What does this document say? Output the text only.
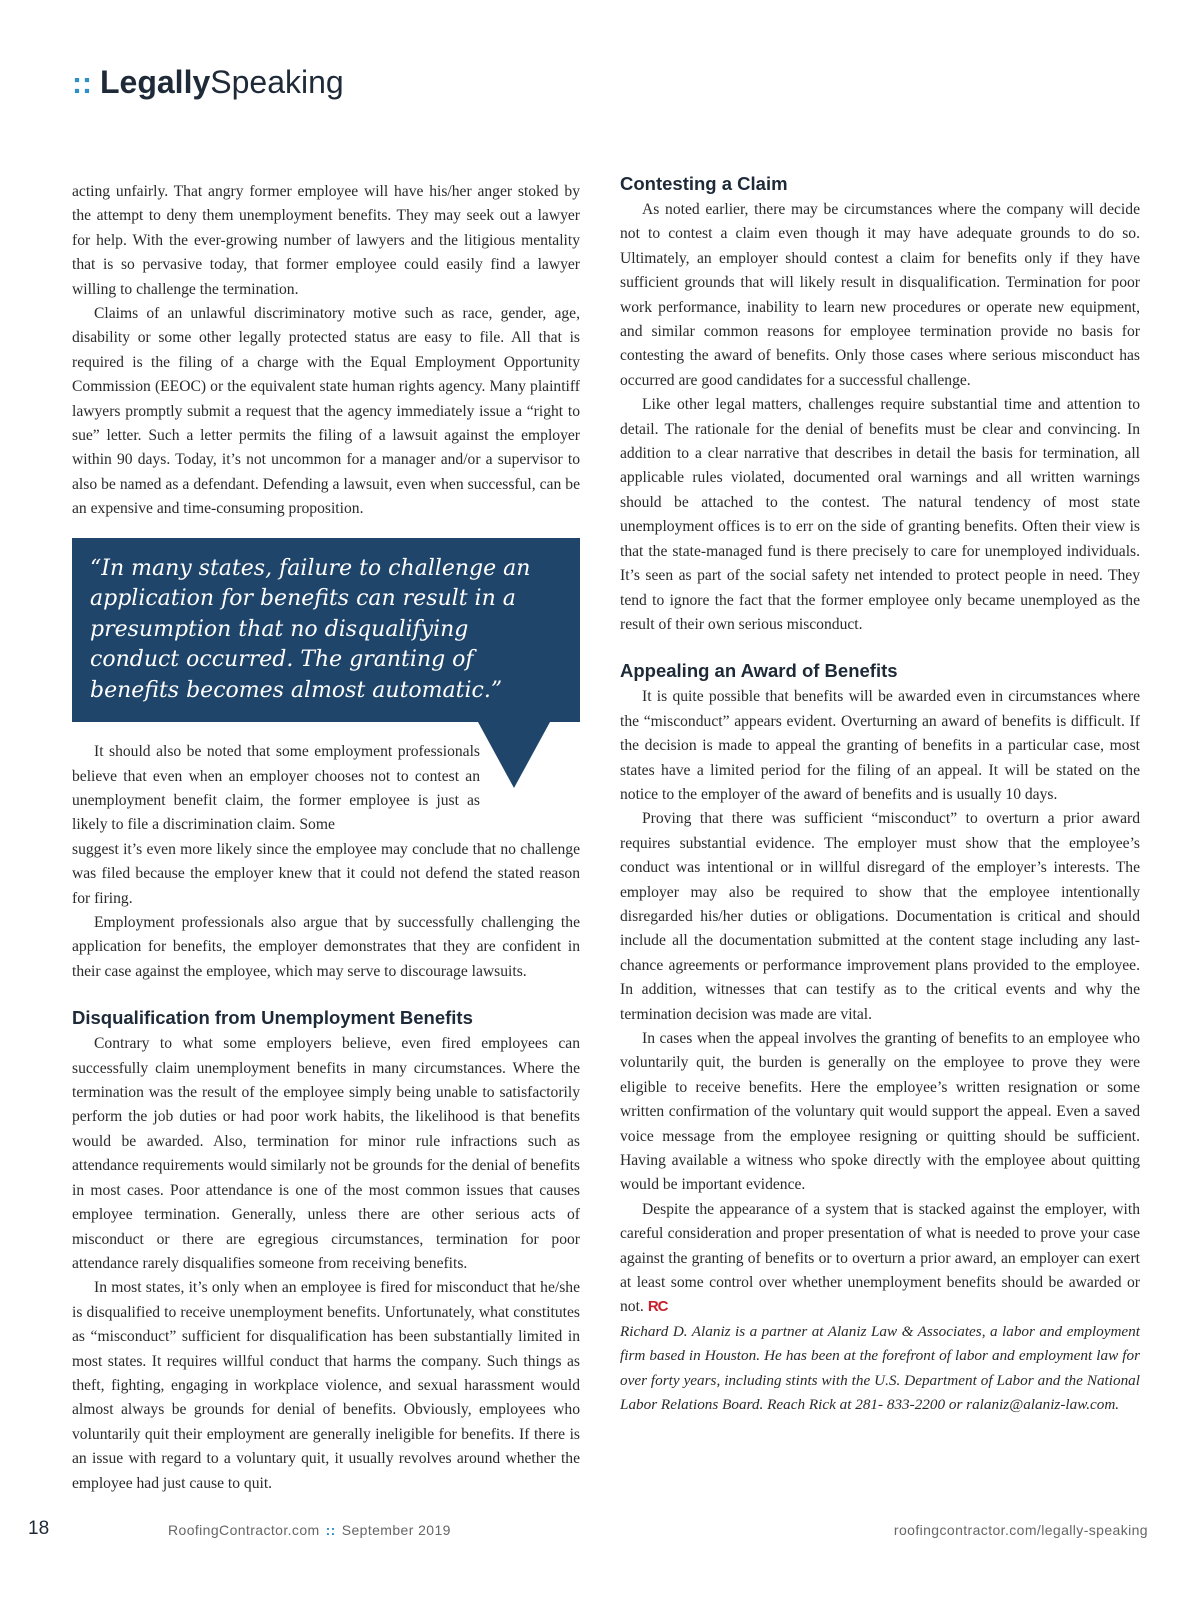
:: Legally Speaking

acting unfairly. That angry former employee will have his/her anger stoked by the attempt to deny them unemployment benefits. They may seek out a lawyer for help. With the ever-growing number of lawyers and the litigious mentality that is so pervasive today, that former employee could easily find a lawyer willing to challenge the termination.

Claims of an unlawful discriminatory motive such as race, gender, age, disability or some other legally protected status are easy to file. All that is required is the filing of a charge with the Equal Employment Opportunity Commission (EEOC) or the equivalent state human rights agency. Many plaintiff lawyers promptly submit a request that the agency immediately issue a “right to sue” letter. Such a letter permits the filing of a lawsuit against the employer within 90 days. Today, it’s not uncommon for a manager and/or a supervisor to also be named as a defendant. Defending a lawsuit, even when successful, can be an expensive and time-consuming proposition.

“In many states, failure to challenge an application for benefits can result in a presumption that no disqualifying conduct occurred. The granting of benefits becomes almost automatic.”

It should also be noted that some employment professionals believe that even when an employer chooses not to contest an unemployment benefit claim, the former employee is just as likely to file a discrimination claim. Some

suggest it’s even more likely since the employee may conclude that no challenge was filed because the employer knew that it could not defend the stated reason for firing.

Employment professionals also argue that by successfully challenging the application for benefits, the employer demonstrates that they are confident in their case against the employee, which may serve to discourage lawsuits.

Disqualification from Unemployment Benefits

Contrary to what some employers believe, even fired employees can successfully claim unemployment benefits in many circumstances. Where the termination was the result of the employee simply being unable to satisfactorily perform the job duties or had poor work habits, the likelihood is that benefits would be awarded. Also, termination for minor rule infractions such as attendance requirements would similarly not be grounds for the denial of benefits in most cases. Poor attendance is one of the most common issues that causes employee termination. Generally, unless there are other serious acts of misconduct or there are egregious circumstances, termination for poor attendance rarely disqualifies someone from receiving benefits.

In most states, it’s only when an employee is fired for misconduct that he/she is disqualified to receive unemployment benefits. Unfortunately, what constitutes as “misconduct” sufficient for disqualification has been substantially limited in most states. It requires willful conduct that harms the company. Such things as theft, fighting, engaging in workplace violence, and sexual harassment would almost always be grounds for denial of benefits. Obviously, employees who voluntarily quit their employment are generally ineligible for benefits. If there is an issue with regard to a voluntary quit, it usually revolves around whether the employee had just cause to quit.

Contesting a Claim

As noted earlier, there may be circumstances where the company will decide not to contest a claim even though it may have adequate grounds to do so. Ultimately, an employer should contest a claim for benefits only if they have sufficient grounds that will likely result in disqualification. Termination for poor work performance, inability to learn new procedures or operate new equipment, and similar common reasons for employee termination provide no basis for contesting the award of benefits. Only those cases where serious misconduct has occurred are good candidates for a successful challenge.

Like other legal matters, challenges require substantial time and attention to detail. The rationale for the denial of benefits must be clear and convincing. In addition to a clear narrative that describes in detail the basis for termination, all applicable rules violated, documented oral warnings and all written warnings should be attached to the contest. The natural tendency of most state unemployment offices is to err on the side of granting benefits. Often their view is that the state-managed fund is there precisely to care for unemployed individuals. It’s seen as part of the social safety net intended to protect people in need. They tend to ignore the fact that the former employee only became unemployed as the result of their own serious misconduct.

Appealing an Award of Benefits

It is quite possible that benefits will be awarded even in circumstances where the “misconduct” appears evident. Overturning an award of benefits is difficult. If the decision is made to appeal the granting of benefits in a particular case, most states have a limited period for the filing of an appeal. It will be stated on the notice to the employer of the award of benefits and is usually 10 days.

Proving that there was sufficient “misconduct” to overturn a prior award requires substantial evidence. The employer must show that the employee’s conduct was intentional or in willful disregard of the employer’s interests. The employer may also be required to show that the employee intentionally disregarded his/her duties or obligations. Documentation is critical and should include all the documentation submitted at the content stage including any last-chance agreements or performance improvement plans provided to the employee. In addition, witnesses that can testify as to the critical events and why the termination decision was made are vital.

In cases when the appeal involves the granting of benefits to an employee who voluntarily quit, the burden is generally on the employee to prove they were eligible to receive benefits. Here the employee’s written resignation or some written confirmation of the voluntary quit would support the appeal. Even a saved voice message from the employee resigning or quitting should be sufficient. Having available a witness who spoke directly with the employee about quitting would be important evidence.

Despite the appearance of a system that is stacked against the employer, with careful consideration and proper presentation of what is needed to prove your case against the granting of benefits or to overturn a prior award, an employer can exert at least some control over whether unemployment benefits should be awarded or not. RC

Richard D. Alaniz is a partner at Alaniz Law & Associates, a labor and employment firm based in Houston. He has been at the forefront of labor and employment law for over forty years, including stints with the U.S. Department of Labor and the National Labor Relations Board. Reach Rick at 281- 833-2200 or ralaniz@alaniz-law.com.

18	RoofingContractor.com :: September 2019	roofingcontractor.com/legally-speaking
